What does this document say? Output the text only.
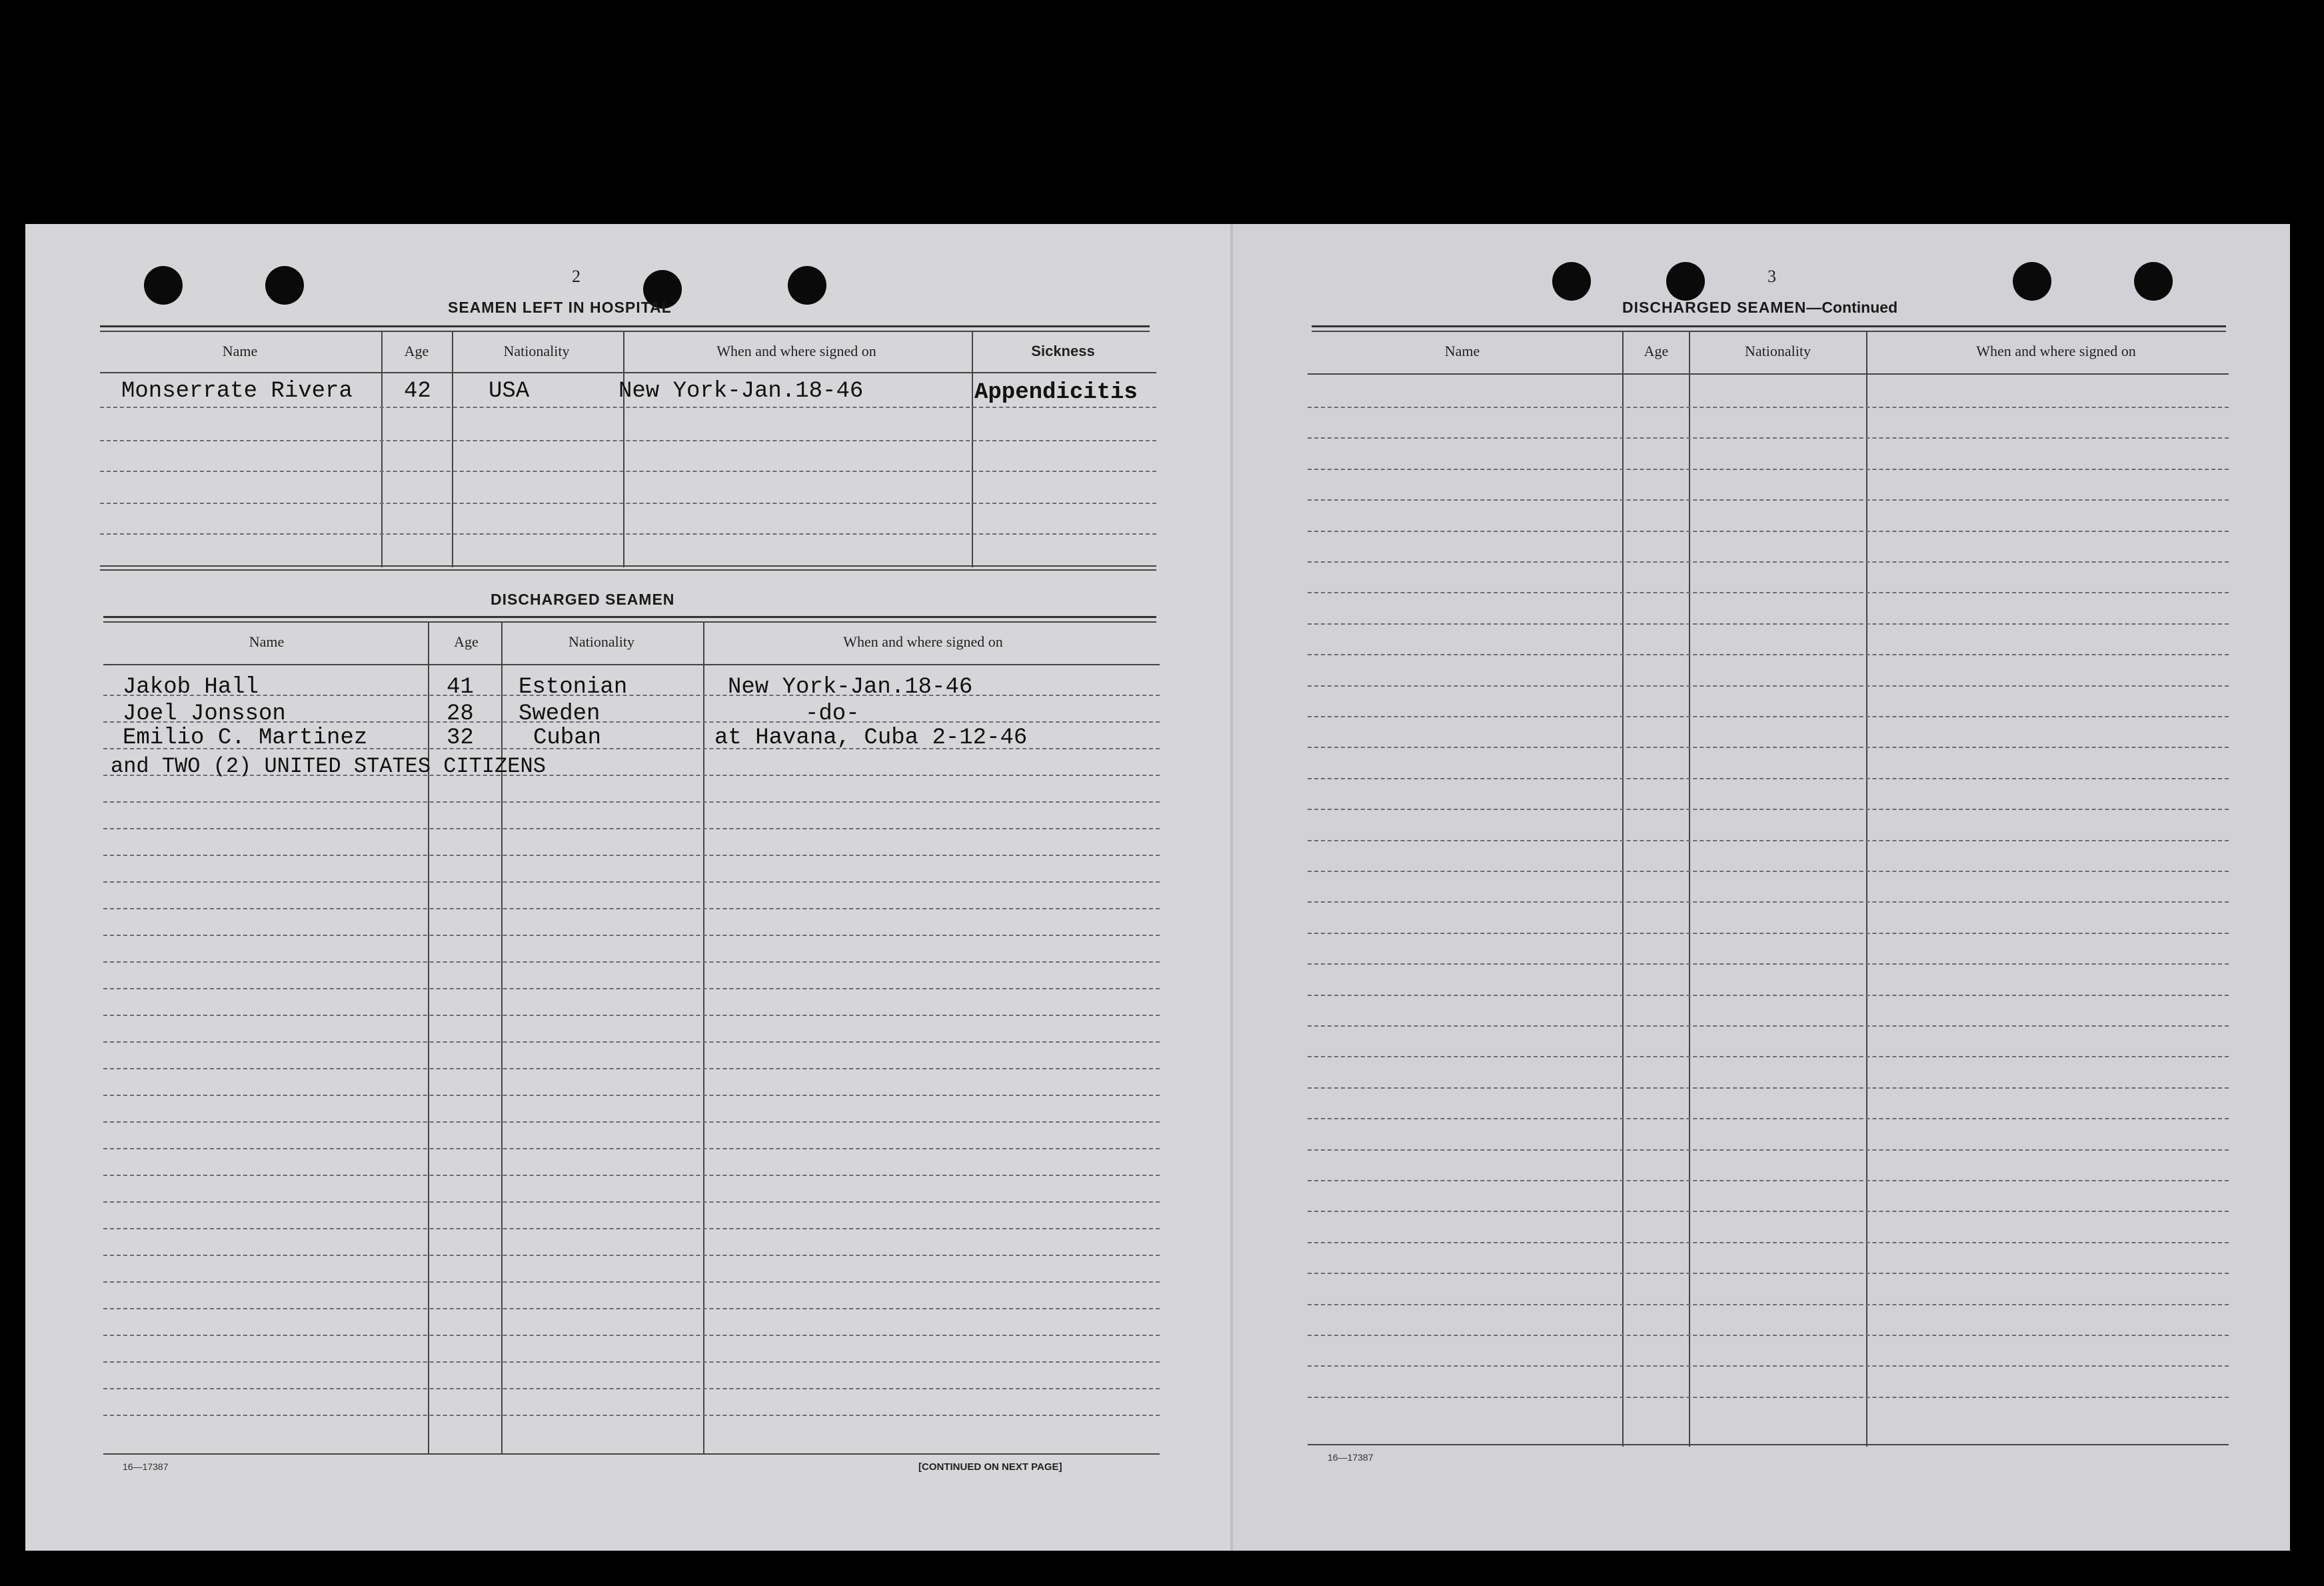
2
SEAMEN LEFT IN HOSPITAL
Name	Age	Nationality	When and where signed on	Sickness
Monserrate Rivera 42	USA	New York-Jan.18-46	Appendicitis
DISCHARGED SEAMEN
Name	Age	Nationality	When and where signed on
Jakob Hall	41 Estonian	New York-Jan.18-46
Joel Jonsson	28 Sweden	-do-
Emilio C. Martinez	32	Cuban	at Havana, Cuba 2-12-46
and TWO (2) UNITED STATES CITIZENS
16—17387	[CONTINUED ON NEXT PAGE]
3
DISCHARGED SEAMEN—Continued
Name	Age	Nationality	When and where signed on
16—17387
